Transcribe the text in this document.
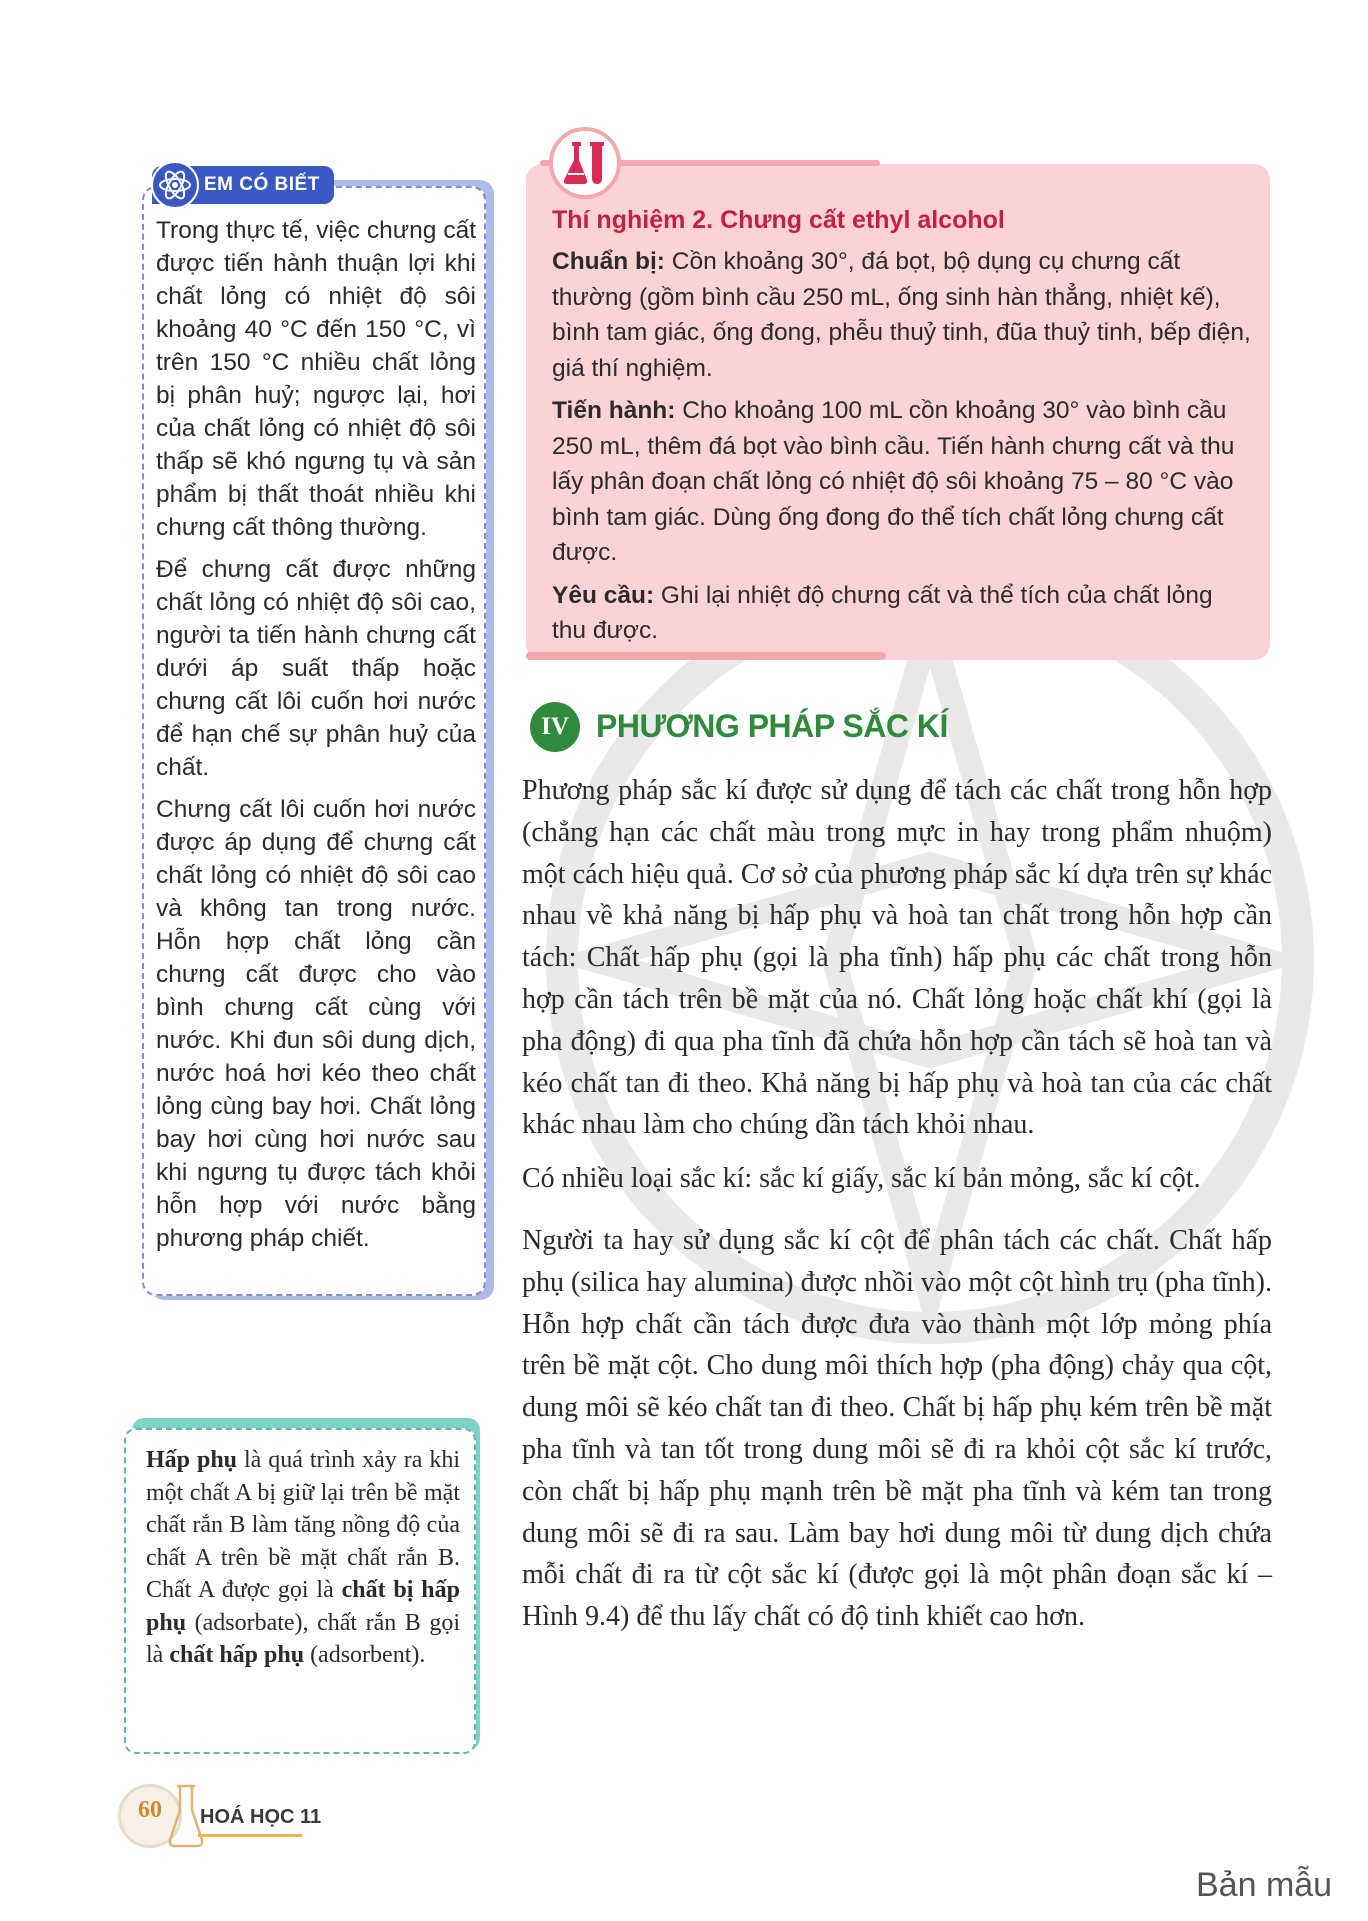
EM CÓ BIẾT

Trong thực tế, việc chưng cất được tiến hành thuận lợi khi chất lỏng có nhiệt độ sôi khoảng 40 °C đến 150 °C, vì trên 150 °C nhiều chất lỏng bị phân huỷ; ngược lại, hơi của chất lỏng có nhiệt độ sôi thấp sẽ khó ngưng tụ và sản phẩm bị thất thoát nhiều khi chưng cất thông thường.

Để chưng cất được những chất lỏng có nhiệt độ sôi cao, người ta tiến hành chưng cất dưới áp suất thấp hoặc chưng cất lôi cuốn hơi nước để hạn chế sự phân huỷ của chất.

Chưng cất lôi cuốn hơi nước được áp dụng để chưng cất chất lỏng có nhiệt độ sôi cao và không tan trong nước. Hỗn hợp chất lỏng cần chưng cất được cho vào bình chưng cất cùng với nước. Khi đun sôi dung dịch, nước hoá hơi kéo theo chất lỏng cùng bay hơi. Chất lỏng bay hơi cùng hơi nước sau khi ngưng tụ được tách khỏi hỗn hợp với nước bằng phương pháp chiết.

Hấp phụ là quá trình xảy ra khi một chất A bị giữ lại trên bề mặt chất rắn B làm tăng nồng độ của chất A trên bề mặt chất rắn B. Chất A được gọi là chất bị hấp phụ (adsorbate), chất rắn B gọi là chất hấp phụ (adsorbent).
Thí nghiệm 2. Chưng cất ethyl alcohol

Chuẩn bị: Cồn khoảng 30°, đá bọt, bộ dụng cụ chưng cất thường (gồm bình cầu 250 mL, ống sinh hàn thẳng, nhiệt kế), bình tam giác, ống đong, phễu thuỷ tinh, đũa thuỷ tinh, bếp điện, giá thí nghiệm.

Tiến hành: Cho khoảng 100 mL cồn khoảng 30° vào bình cầu 250 mL, thêm đá bọt vào bình cầu. Tiến hành chưng cất và thu lấy phân đoạn chất lỏng có nhiệt độ sôi khoảng 75 – 80 °C vào bình tam giác. Dùng ống đong đo thể tích chất lỏng chưng cất được.

Yêu cầu: Ghi lại nhiệt độ chưng cất và thể tích của chất lỏng thu được.

IV PHƯƠNG PHÁP SẮC KÍ

Phương pháp sắc kí được sử dụng để tách các chất trong hỗn hợp (chẳng hạn các chất màu trong mực in hay trong phẩm nhuộm) một cách hiệu quả. Cơ sở của phương pháp sắc kí dựa trên sự khác nhau về khả năng bị hấp phụ và hoà tan chất trong hỗn hợp cần tách: Chất hấp phụ (gọi là pha tĩnh) hấp phụ các chất trong hỗn hợp cần tách trên bề mặt của nó. Chất lỏng hoặc chất khí (gọi là pha động) đi qua pha tĩnh đã chứa hỗn hợp cần tách sẽ hoà tan và kéo chất tan đi theo. Khả năng bị hấp phụ và hoà tan của các chất khác nhau làm cho chúng dần tách khỏi nhau.

Có nhiều loại sắc kí: sắc kí giấy, sắc kí bản mỏng, sắc kí cột.

Người ta hay sử dụng sắc kí cột để phân tách các chất. Chất hấp phụ (silica hay alumina) được nhồi vào một cột hình trụ (pha tĩnh). Hỗn hợp chất cần tách được đưa vào thành một lớp mỏng phía trên bề mặt cột. Cho dung môi thích hợp (pha động) chảy qua cột, dung môi sẽ kéo chất tan đi theo. Chất bị hấp phụ kém trên bề mặt pha tĩnh và tan tốt trong dung môi sẽ đi ra khỏi cột sắc kí trước, còn chất bị hấp phụ mạnh trên bề mặt pha tĩnh và kém tan trong dung môi sẽ đi ra sau. Làm bay hơi dung môi từ dung dịch chứa mỗi chất đi ra từ cột sắc kí (được gọi là một phân đoạn sắc kí – Hình 9.4) để thu lấy chất có độ tinh khiết cao hơn.

60	HOÁ HỌC 11
Bản mẫu
